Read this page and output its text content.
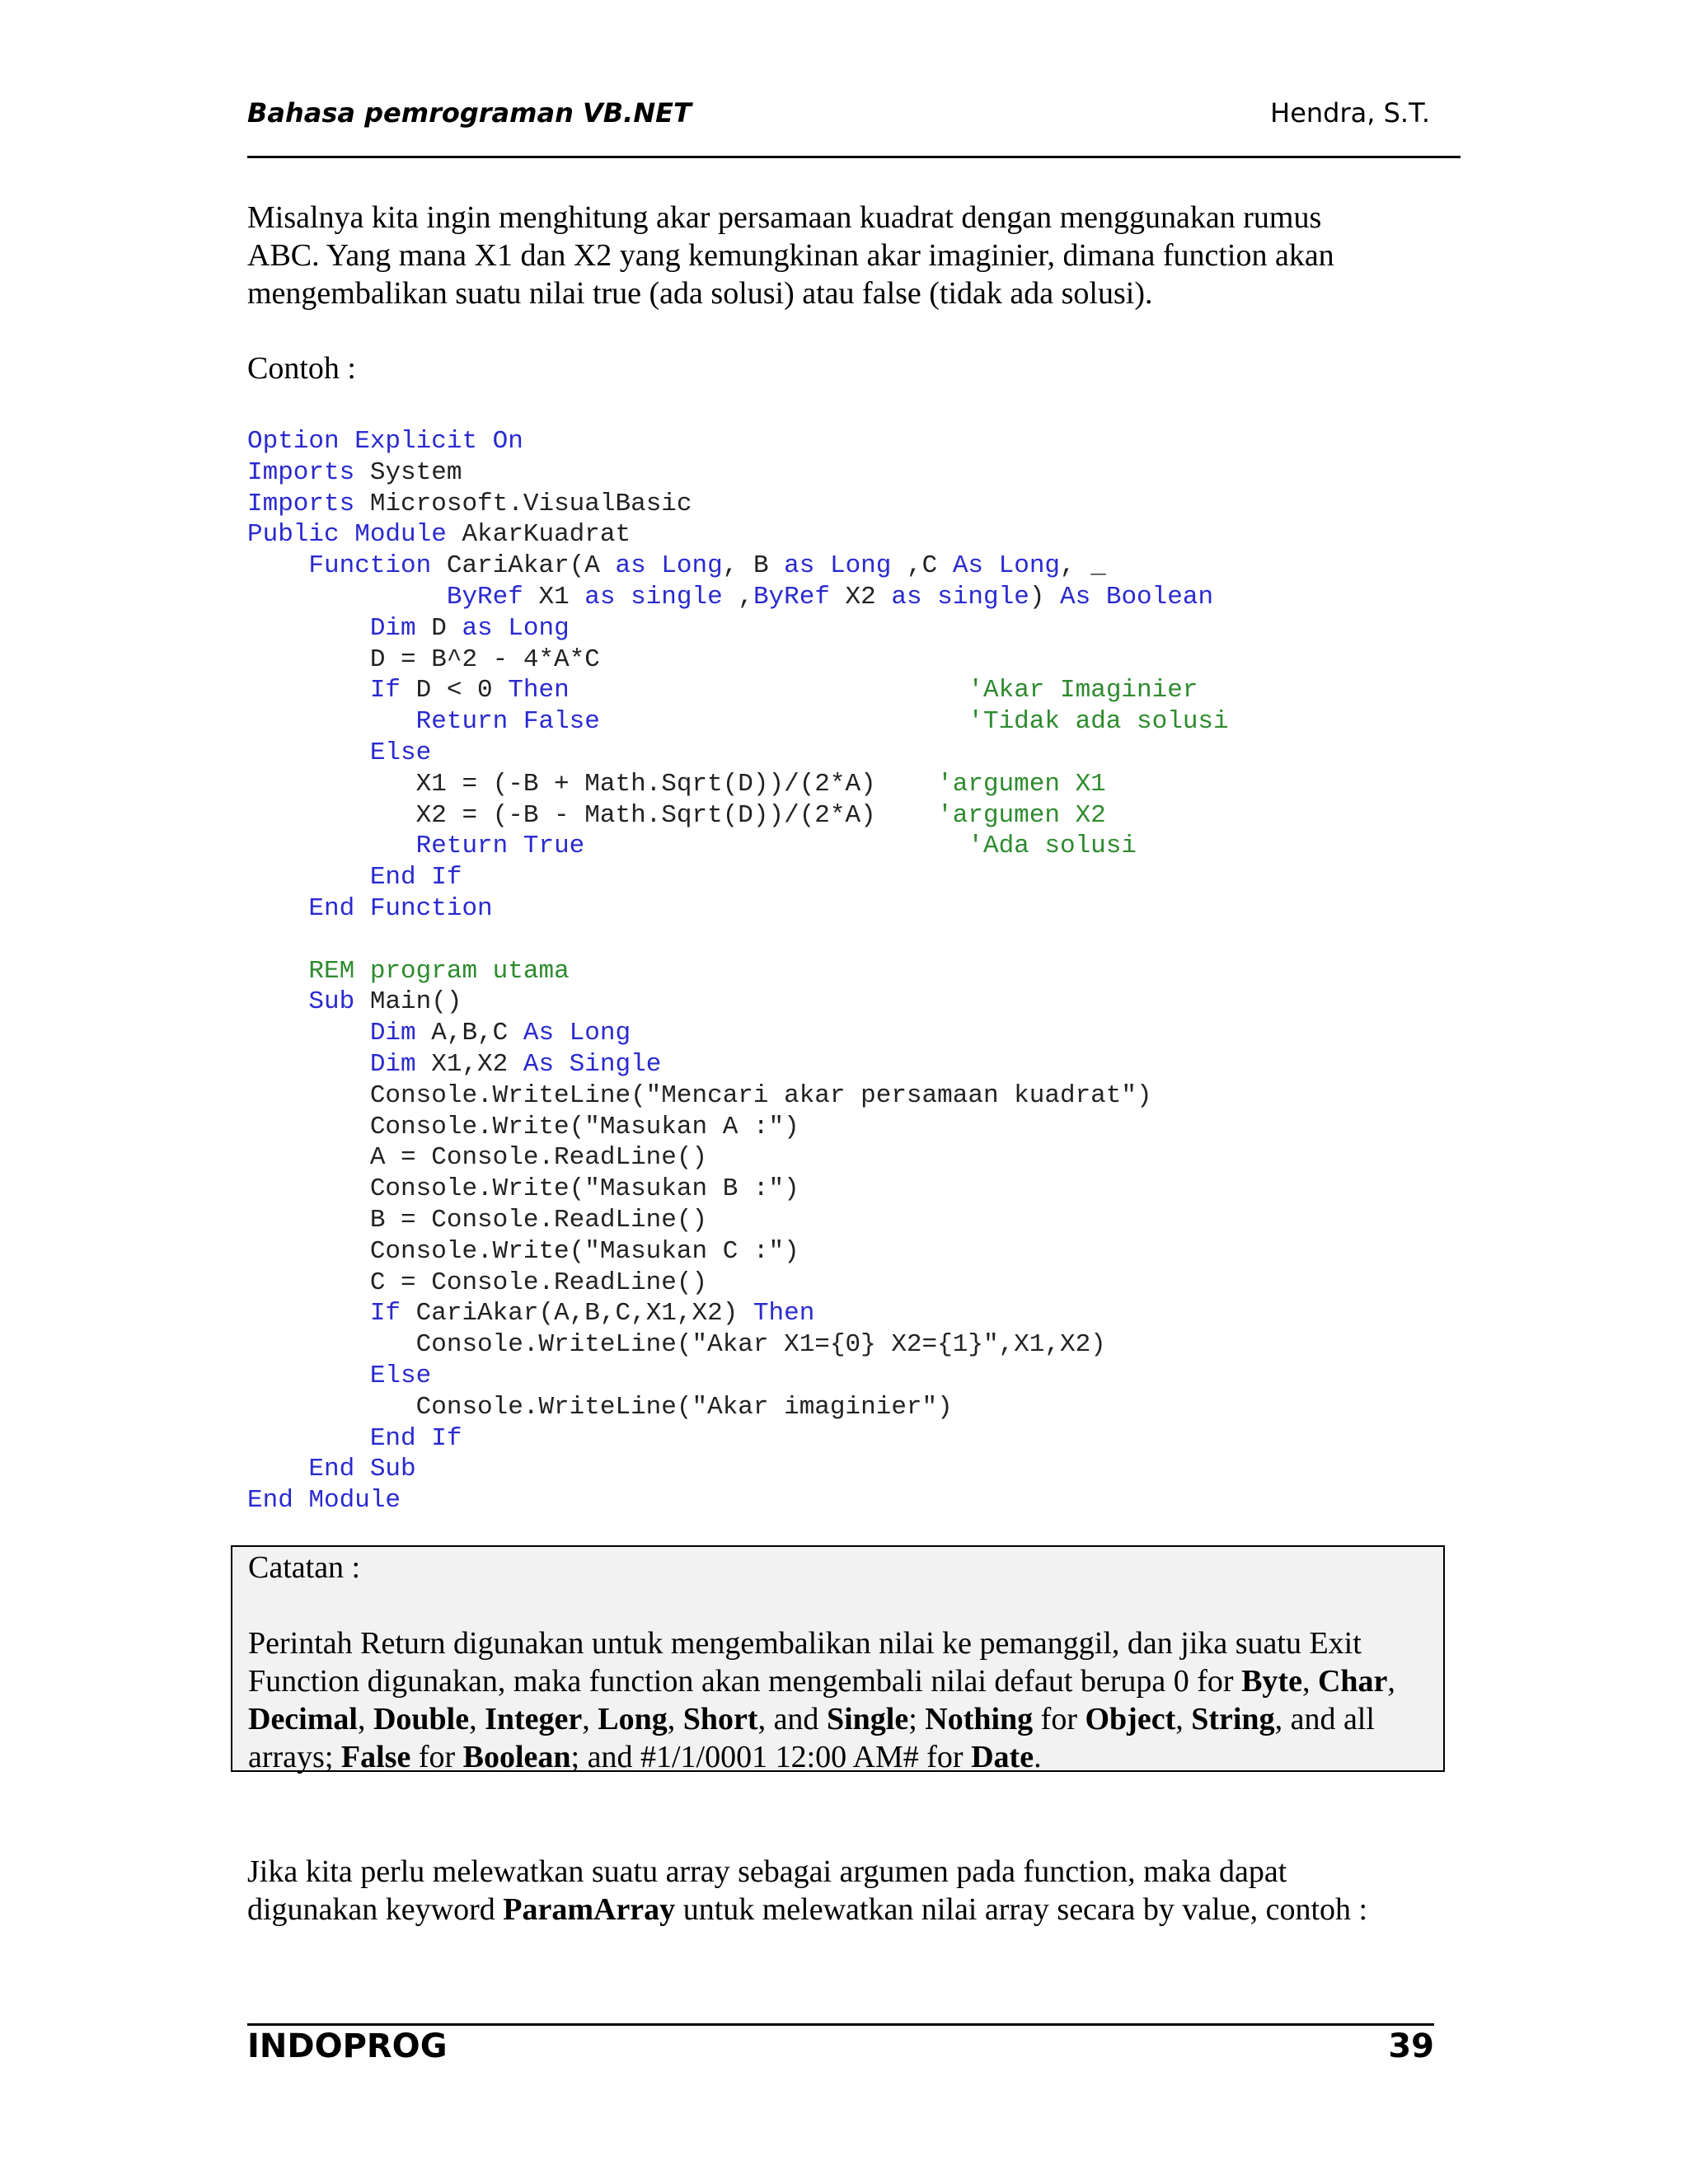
Bahasa pemrograman VB.NET	Hendra, S.T.

Misalnya kita ingin menghitung akar persamaan kuadrat dengan menggunakan rumus

ABC. Yang mana X1 dan X2 yang kemungkinan akar imaginier, dimana function akan

mengembalikan suatu nilai true (ada solusi) atau false (tidak ada solusi).

Contoh :
Option Explicit On
Imports System
Imports Microsoft.VisualBasic
Public Module AkarKuadrat
Function CariAkar(A as Long, B as Long ,C As Long, _
ByRef X1 as single ,ByRef X2 as single) As Boolean
Dim D as Long
D = B^2 - 4*A*C
If D < 0 Then	'Akar Imaginier
Return False	'Tidak ada solusi
Else
X1 = (-B + Math.Sqrt(D))/(2*A)    'argumen X1
X2 = (-B - Math.Sqrt(D))/(2*A)    'argumen X2
Return True	'Ada solusi
End If
End Function

REM program utama
Sub Main()
Dim A,B,C As Long
Dim X1,X2 As Single
Console.WriteLine("Mencari akar persamaan kuadrat")
Console.Write("Masukan A :")
A = Console.ReadLine()
Console.Write("Masukan B :")
B = Console.ReadLine()
Console.Write("Masukan C :")
C = Console.ReadLine()
If CariAkar(A,B,C,X1,X2) Then
Console.WriteLine("Akar X1={0} X2={1}",X1,X2)
Else
Console.WriteLine("Akar imaginier")
End If
End Sub
End Module
Catatan :
Perintah Return digunakan untuk mengembalikan nilai ke pemanggil, dan jika suatu Exit Function digunakan, maka function akan mengembali nilai defaut berupa 0 for Byte, Char, Decimal, Double, Integer, Long, Short, and Single; Nothing for Object, String, and all arrays; False for Boolean; and #1/1/0001 12:00 AM# for Date.

Jika kita perlu melewatkan suatu array sebagai argumen pada function, maka dapat

digunakan keyword ParamArray untuk melewatkan nilai array secara by value, contoh :

INDOPROG	39
